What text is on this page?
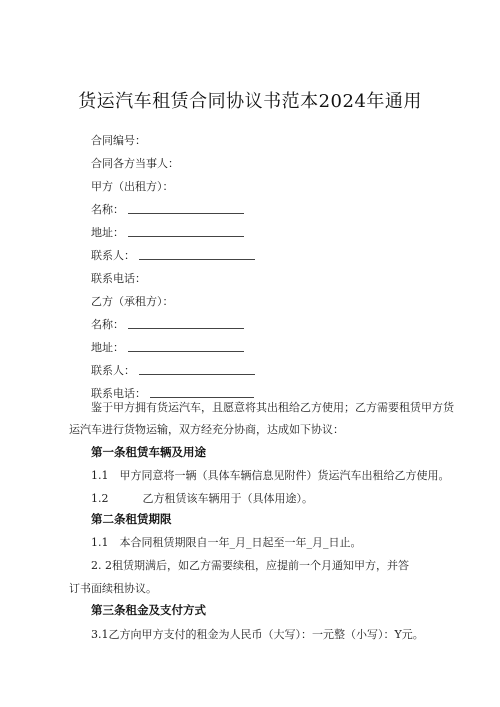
货运汽车租赁合同协议书范本2024年通用
合同编号：
合同各方当事人：
甲方（出租方）：
名称：
地址：
联系人：
联系电话：
乙方（承租方）：
名称：
地址：
联系人：
联系电话：
鉴于甲方拥有货运汽车，且愿意将其出租给乙方使用；乙方需要租赁甲方货
运汽车进行货物运输，双方经充分协商，达成如下协议：
第一条租赁车辆及用途
1.1　甲方同意将一辆（具体车辆信息见附件）货运汽车出租给乙方使用。
1.2	乙方租赁该车辆用于（具体用途）。
第二条租赁期限
1.1　本合同租赁期限自一年_月_日起至一年_月_日止。
2. 2租赁期满后，如乙方需要续租，应提前一个月通知甲方，并答
订书面续租协议。
第三条租金及支付方式
3.1乙方向甲方支付的租金为人民币（大写）：一元整（小写）：Y元。
